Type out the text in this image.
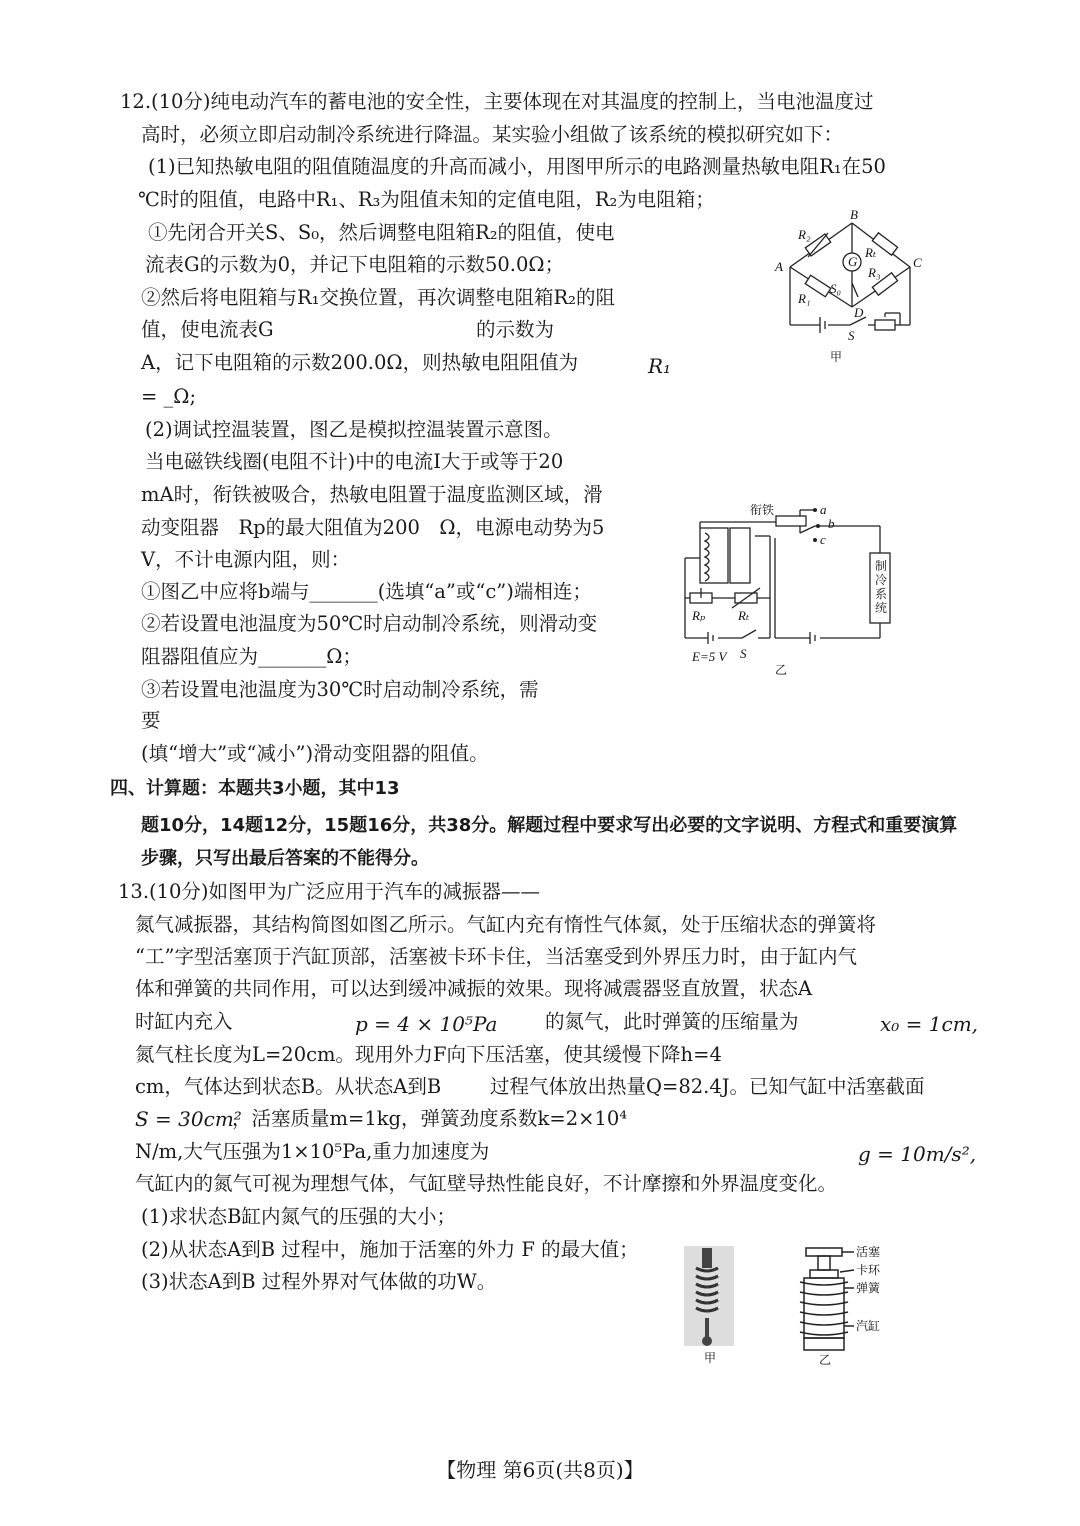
12.(10分)纯电动汽车的蓄电池的安全性，主要体现在对其温度的控制上，当电池温度过
高时，必须立即启动制冷系统进行降温。某实验小组做了该系统的模拟研究如下：
(1)已知热敏电阻的阻值随温度的升高而减小，用图甲所示的电路测量热敏电阻R₁在50
℃时的阻值，电路中R₁、R₃为阻值未知的定值电阻，R₂为电阻箱；
①先闭合开关S、S₀，然后调整电阻箱R₂的阻值，使电
流表G的示数为0，并记下电阻箱的示数50.0Ω；
②然后将电阻箱与R₁交换位置，再次调整电阻箱R₂的阻
值，使电流表G	的示数为
A，记下电阻箱的示数200.0Ω，则热敏电阻阻值为	R₁
= _Ω;
(2)调试控温装置，图乙是模拟控温装置示意图。
当电磁铁线圈(电阻不计)中的电流I大于或等于20
mA时，衔铁被吸合，热敏电阻置于温度监测区域，滑
动变阻器　Rp的最大阻值为200　Ω，电源电动势为5
V，不计电源内阻，则：
①图乙中应将b端与_______(选填“a”或“c”)端相连；
②若设置电池温度为50℃时启动制冷系统，则滑动变
阻器阻值应为_______Ω；
③若设置电池温度为30℃时启动制冷系统，需
要
(填“增大”或“减小”)滑动变阻器的阻值。
四、计算题：本题共3小题，其中13
题10分，14题12分，15题16分，共38分。解题过程中要求写出必要的文字说明、方程式和重要演算
步骤，只写出最后答案的不能得分。
13.(10分)如图甲为广泛应用于汽车的减振器——
氮气减振器，其结构简图如图乙所示。气缸内充有惰性气体氮，处于压缩状态的弹簧将
“工”字型活塞顶于汽缸顶部，活塞被卡环卡住，当活塞受到外界压力时，由于缸内气
体和弹簧的共同作用，可以达到缓冲减振的效果。现将减震器竖直放置，状态A
时缸内充入	p = 4 × 10⁵Pa 的氮气，此时弹簧的压缩量为	x₀ = 1cm,
氮气柱长度为L=20cm。现用外力F向下压活塞，使其缓慢下降h=4
cm，气体达到状态B。从状态A到B	过程气体放出热量Q=82.4J。已知气缸中活塞截面
S = 30cm²
，活塞质量m=1kg，弹簧劲度系数k=2×10⁴
N/m,大气压强为1×10⁵Pa,重力加速度为	g = 10m/s²,
气缸内的氮气可视为理想气体，气缸壁导热性能良好，不计摩擦和外界温度变化。
(1)求状态B缸内氮气的压强的大小；
(2)从状态A到B 过程中，施加于活塞的外力 F 的最大值；
(3)状态A到B 过程外界对气体做的功W。
B
A	C
D
G
R₂
Rₜ
R₃
R₁
S₀
S
甲
衔铁	a
b
c
制
冷
系
统
Rₚ	Rₜ
E=5 V S
乙
活塞
卡环
弹簧
汽缸
甲	乙
【物理 第6页(共8页)】
